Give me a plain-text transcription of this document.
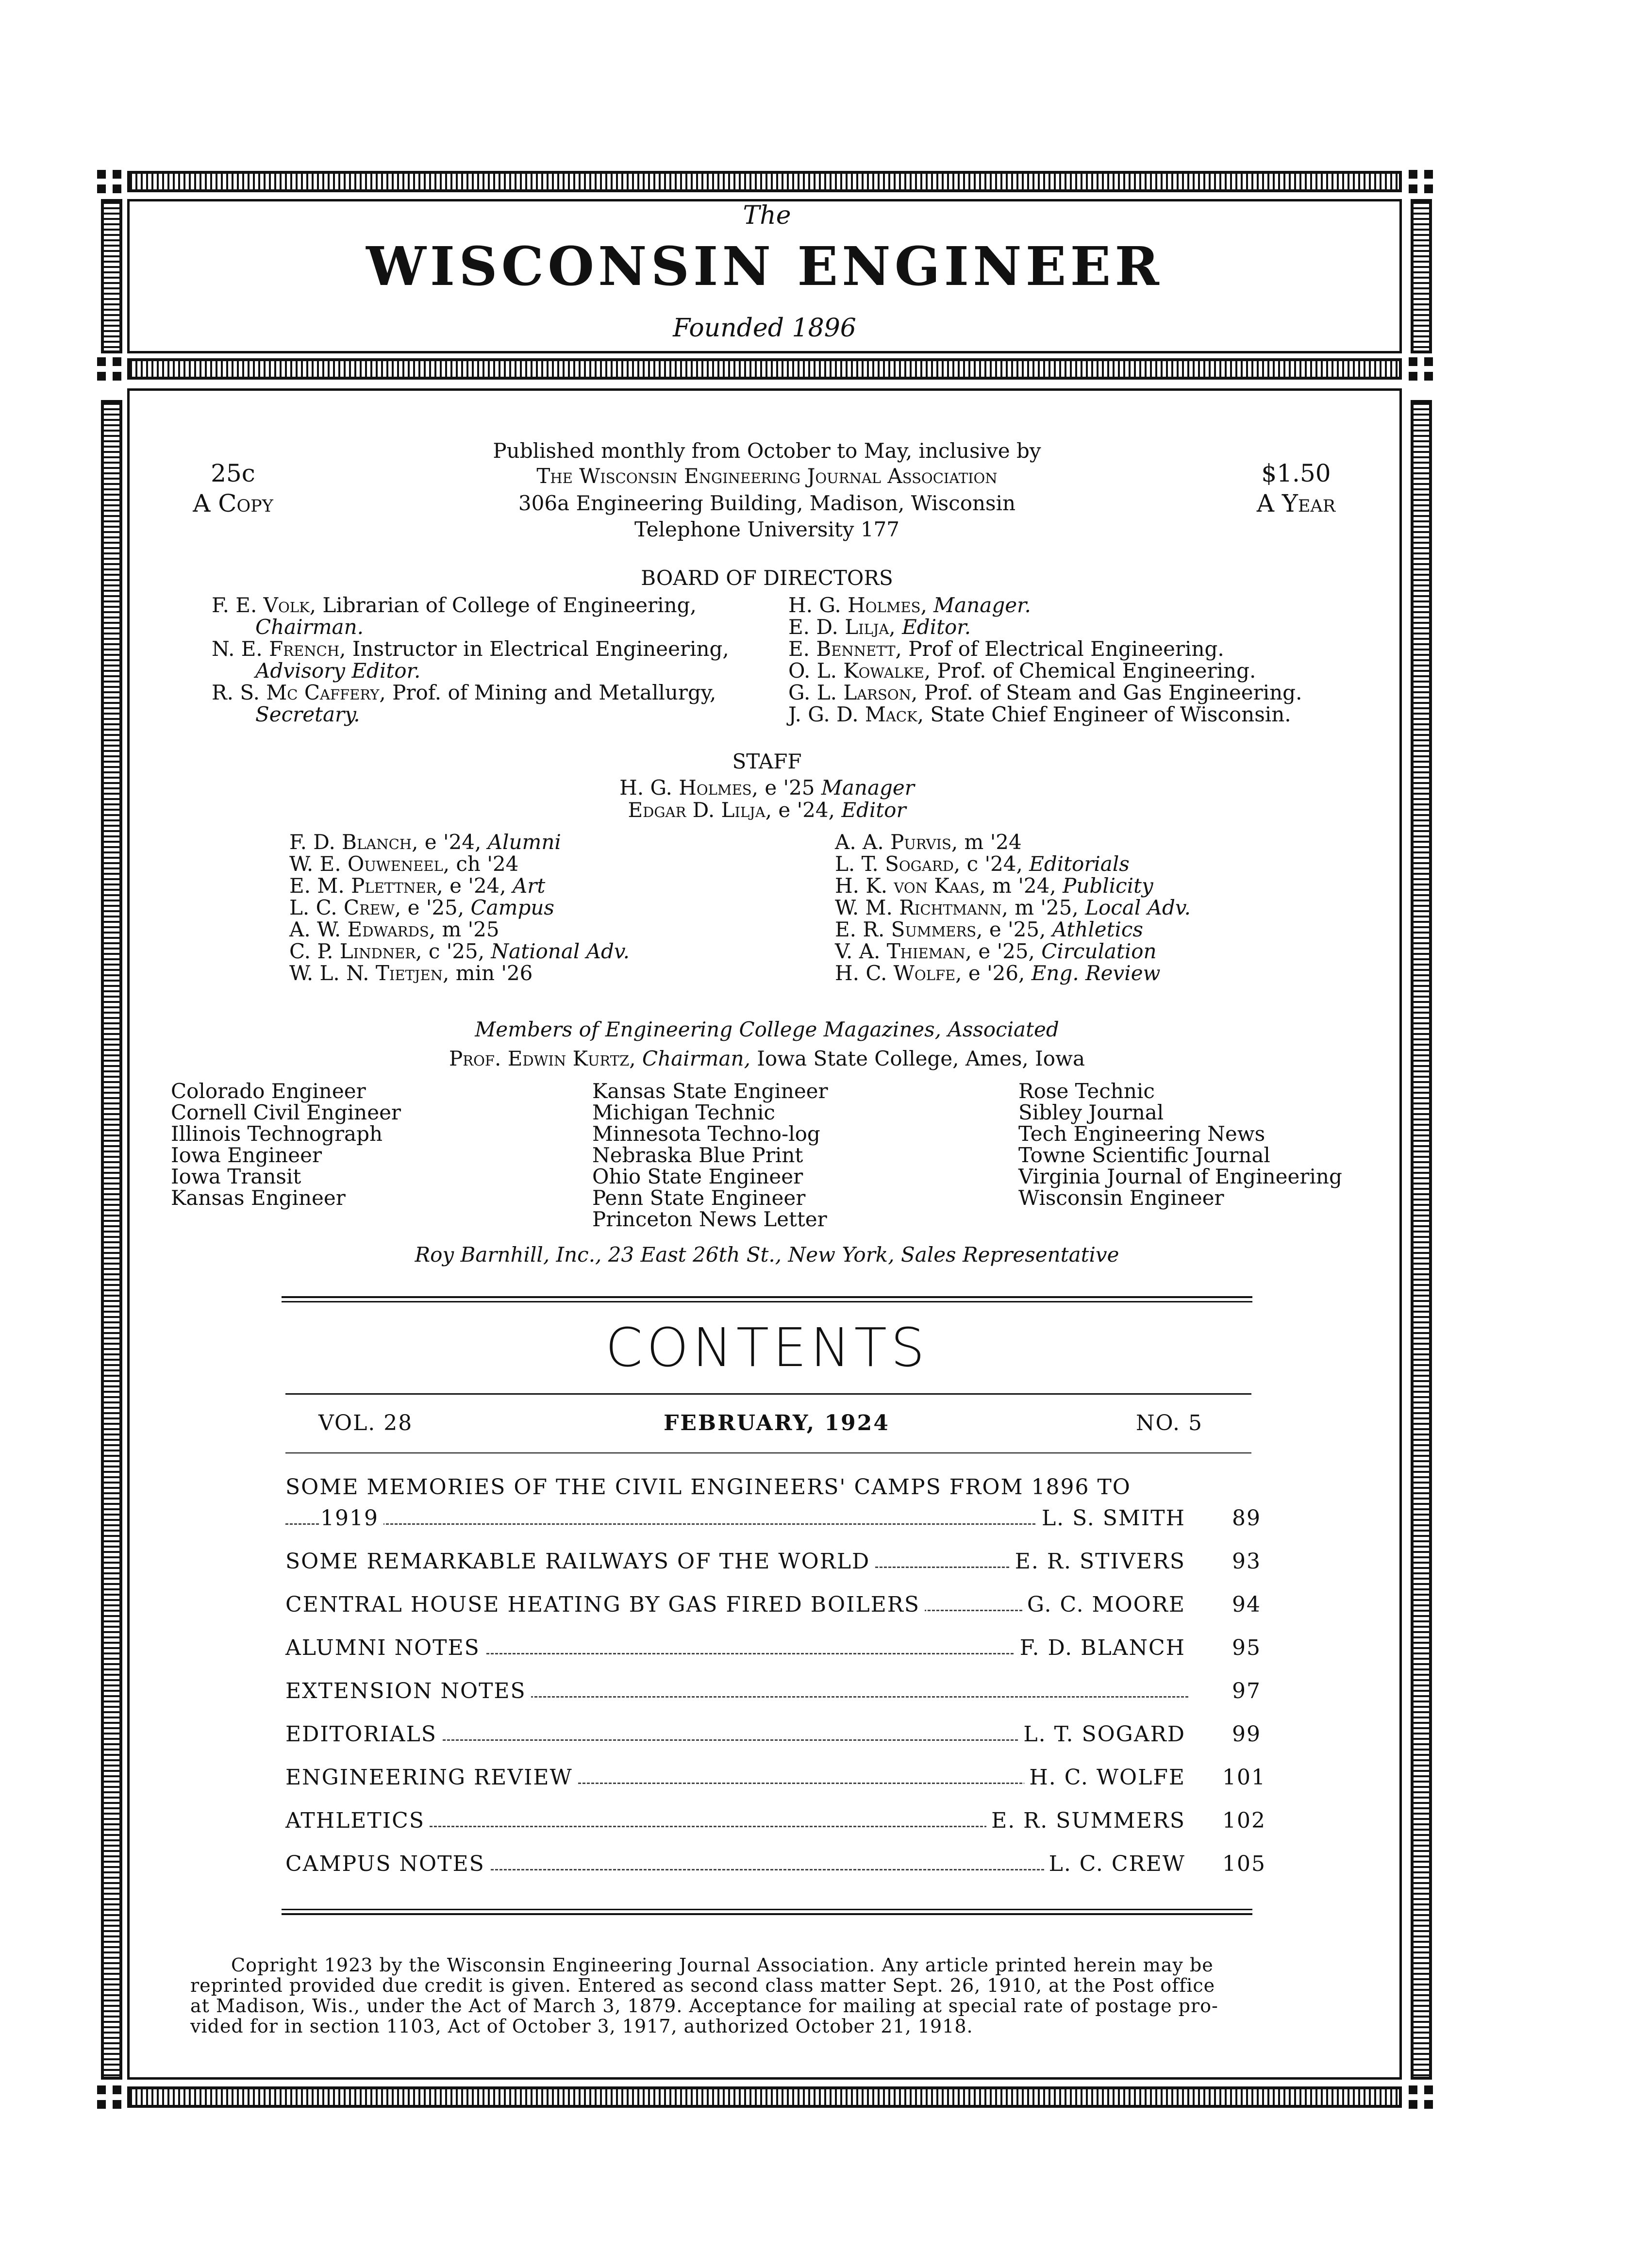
The
WISCONSIN ENGINEER
Founded 1896
25c
A Copy
$1.50
A Year
Published monthly from October to May, inclusive by
The Wisconsin Engineering Journal Association
306a Engineering Building, Madison, Wisconsin
Telephone University 177
BOARD OF DIRECTORS
F. E. Volk, Librarian of College of Engineering,
Chairman.
N. E. French, Instructor in Electrical Engineering,
Advisory Editor.
R. S. Mc Caffery, Prof. of Mining and Metallurgy,
Secretary.
H. G. Holmes, Manager.
E. D. Lilja, Editor.
E. Bennett, Prof of Electrical Engineering.
O. L. Kowalke, Prof. of Chemical Engineering.
G. L. Larson, Prof. of Steam and Gas Engineering.
J. G. D. Mack, State Chief Engineer of Wisconsin.
STAFF
H. G. Holmes, e '25 Manager
Edgar D. Lilja, e '24, Editor
F. D. Blanch, e '24, Alumni
W. E. Ouweneel, ch '24
E. M. Plettner, e '24, Art
L. C. Crew, e '25, Campus
A. W. Edwards, m '25
C. P. Lindner, c '25, National Adv.
W. L. N. Tietjen, min '26
A. A. Purvis, m '24
L. T. Sogard, c '24, Editorials
H. K. von Kaas, m '24, Publicity
W. M. Richtmann, m '25, Local Adv.
E. R. Summers, e '25, Athletics
V. A. Thieman, e '25, Circulation
H. C. Wolfe, e '26, Eng. Review
Members of Engineering College Magazines, Associated
Prof. Edwin Kurtz, Chairman, Iowa State College, Ames, Iowa
Colorado Engineer
Cornell Civil Engineer
Illinois Technograph
Iowa Engineer
Iowa Transit
Kansas Engineer
Kansas State Engineer
Michigan Technic
Minnesota Techno-log
Nebraska Blue Print
Ohio State Engineer
Penn State Engineer
Princeton News Letter
Rose Technic
Sibley Journal
Tech Engineering News
Towne Scientific Journal
Virginia Journal of Engineering
Wisconsin Engineer
Roy Barnhill, Inc., 23 East 26th St., New York, Sales Representative
CONTENTS
VOL. 28	FEBRUARY, 1924	NO. 5
SOME MEMORIES OF THE CIVIL ENGINEERS' CAMPS FROM 1896 TO
1919	L. S. SMITH	89
SOME REMARKABLE RAILWAYS OF THE WORLD	E. R. STIVERS	93
CENTRAL HOUSE HEATING BY GAS FIRED BOILERS	G. C. MOORE	94
ALUMNI NOTES	F. D. BLANCH	95
EXTENSION NOTES	97
EDITORIALS	L. T. SOGARD	99
ENGINEERING REVIEW	H. C. WOLFE 101
ATHLETICS	E. R. SUMMERS 102
CAMPUS NOTES	L. C. CREW 105
Copright 1923 by the Wisconsin Engineering Journal Association. Any article printed herein may be
reprinted provided due credit is given. Entered as second class matter Sept. 26, 1910, at the Post office
at Madison, Wis., under the Act of March 3, 1879. Acceptance for mailing at special rate of postage pro-
vided for in section 1103, Act of October 3, 1917, authorized October 21, 1918.
